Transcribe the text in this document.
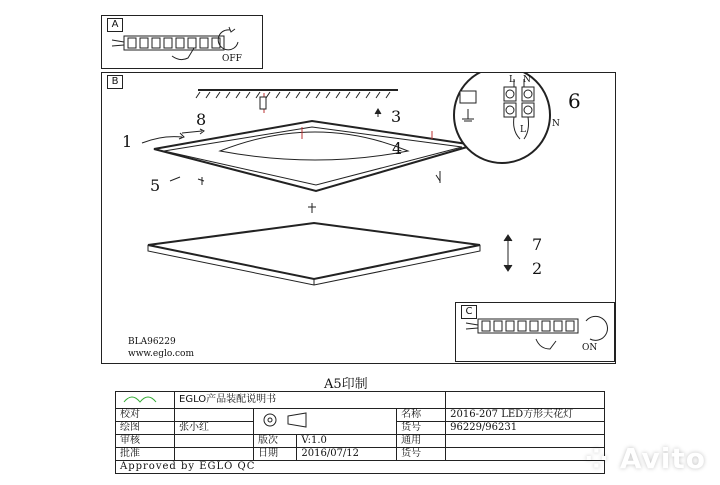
A
OFF
B
1
8	3
4
5
6
7
2
L N
L
N
BLA96229
www.eglo.com
C
ON
A5印制
	EGLO产品装配说明书				
校对				名称	2016-207 LED方形天花灯
绘图	张小红			货号	96229/96231
审核		版次	V:1.0	通用	
批准		日期	2016/07/12	货号	
Approved by EGLO QC						⁘ Avito
